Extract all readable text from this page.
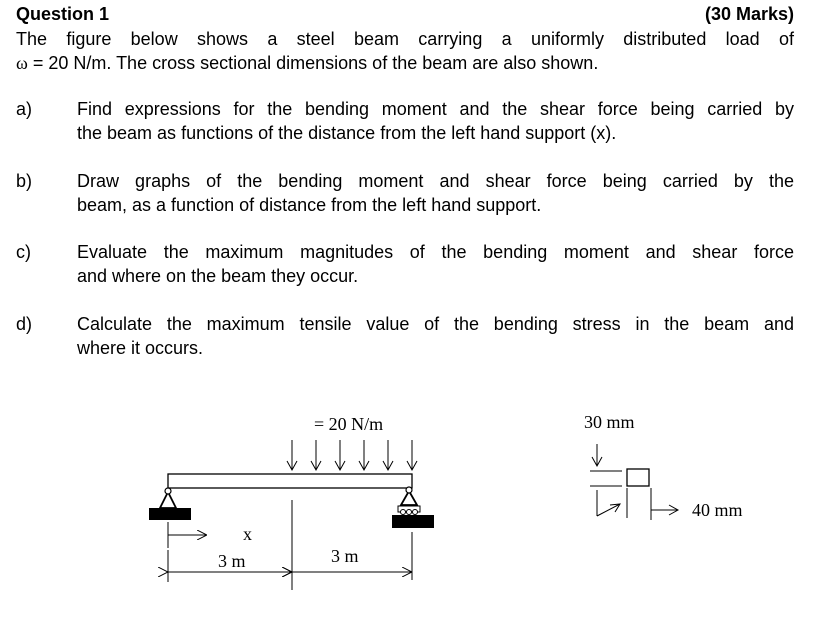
Question 1	(30 Marks)
The figure below shows a steel beam carrying a uniformly distributed load of
ω = 20 N/m. The cross sectional dimensions of the beam are also shown.
a) Find expressions for the bending moment and the shear force being carried by
the beam as functions of the distance from the left hand support (x).
b) Draw graphs of the bending moment and shear force being carried by the
beam, as a function of distance from the left hand support.
c)	Evaluate the maximum magnitudes of the bending moment and shear force
and where on the beam they occur.
d) Calculate the maximum tensile value of the bending stress in the beam and
where it occurs.
= 20 N/m
x
3 m	3 m
30 mm
40 mm
